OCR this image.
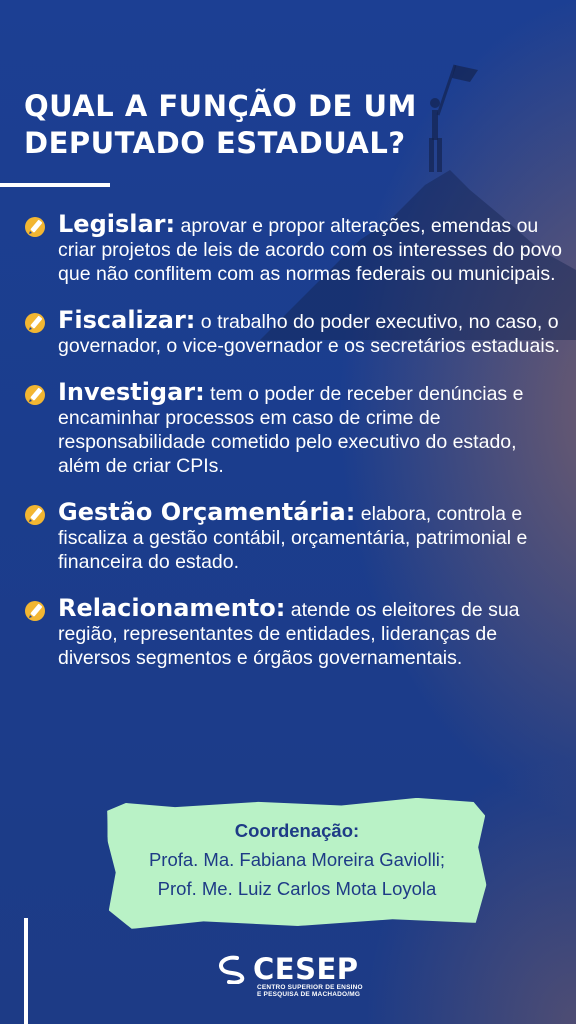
QUAL A FUNÇÃO DE UM DEPUTADO ESTADUAL?
Legislar: aprovar e propor alterações, emendas ou criar projetos de leis de acordo com os interesses do povo que não conflitem com as normas federais ou municipais.
Fiscalizar: o trabalho do poder executivo, no caso, o governador, o vice-governador e os secretários estaduais.
Investigar: tem o poder de receber denúncias e encaminhar processos em caso de crime de responsabilidade cometido pelo executivo do estado, além de criar CPIs.
Gestão Orçamentária: elabora, controla e fiscaliza a gestão contábil, orçamentária, patrimonial e financeira do estado.
Relacionamento: atende os eleitores de sua região, representantes de entidades, lideranças de diversos segmentos e órgãos governamentais.
Coordenação:
Profa. Ma. Fabiana Moreira Gaviolli;
Prof. Me. Luiz Carlos Mota Loyola
CESEP
CENTRO SUPERIOR DE ENSINO
E PESQUISA DE MACHADO/MG
